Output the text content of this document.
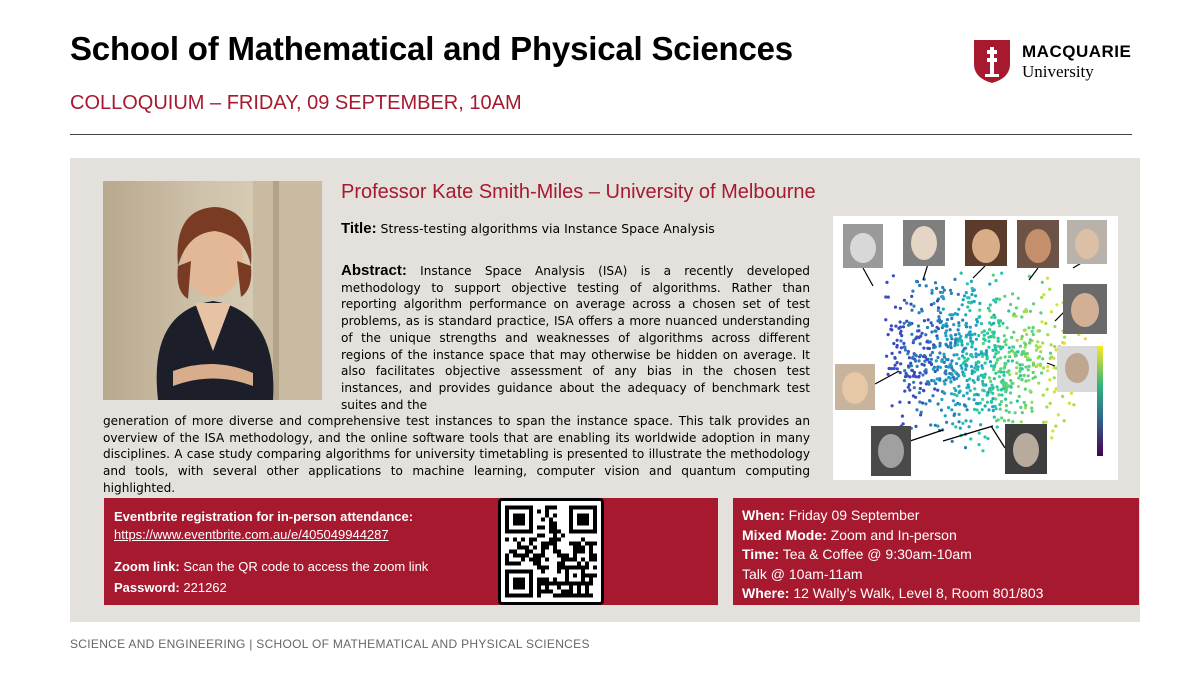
School of Mathematical and Physical Sciences
COLLOQUIUM – FRIDAY, 09 SEPTEMBER, 10AM
MACQUARIE
University
Professor Kate Smith-Miles – University of Melbourne
Title: Stress-testing algorithms via Instance Space Analysis
Abstract: Instance Space Analysis (ISA) is a recently developed methodology to support objective testing of algorithms. Rather than reporting algorithm performance on average across a chosen set of test problems, as is standard practice, ISA offers a more nuanced understanding of the unique strengths and weaknesses of algorithms across different regions of the instance space that may otherwise be hidden on average. It also facilitates objective assessment of any bias in the chosen test instances, and provides guidance about the adequacy of benchmark test suites and the
generation of more diverse and comprehensive test instances to span the instance space. This talk provides an overview of the ISA methodology, and the online software tools that are enabling its worldwide adoption in many disciplines. A case study comparing algorithms for university timetabling is presented to illustrate the methodology and tools, with several other applications to machine learning, computer vision and quantum computing highlighted.
Eventbrite registration for in-person attendance:
https://www.eventbrite.com.au/e/405049944287
Zoom link: Scan the QR code to access the zoom link
Password: 221262
When: Friday 09 September
Mixed Mode: Zoom and In-person
Time: Tea & Coffee @ 9:30am-10am
Talk @ 10am-11am
Where: 12 Wally’s Walk, Level 8, Room 801/803
SCIENCE AND ENGINEERING | SCHOOL OF MATHEMATICAL AND PHYSICAL SCIENCES
